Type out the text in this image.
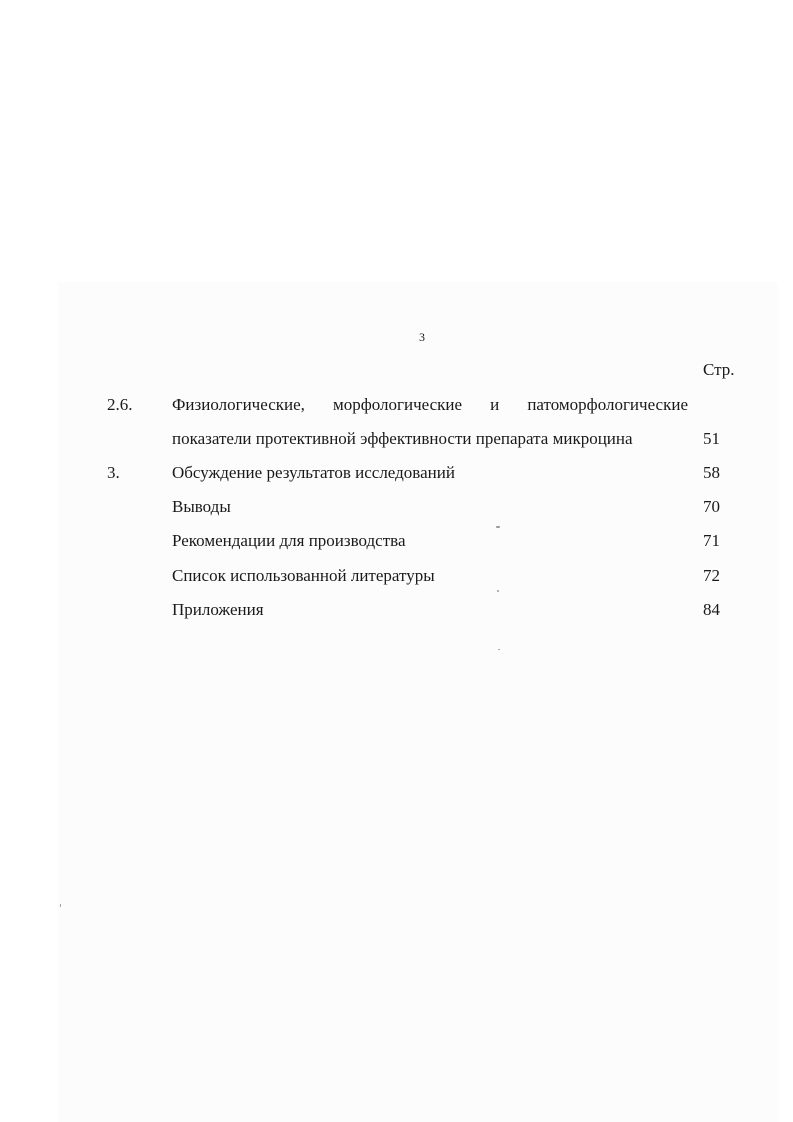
3
Стр.
2.6. Физиологические, морфологические и патоморфологические
показатели протективной эффективности препарата микроцина	51
3.	Обсуждение результатов исследований	58
Выводы	70
Рекомендации для производства	71
Список использованной литературы	72
Приложения	84
